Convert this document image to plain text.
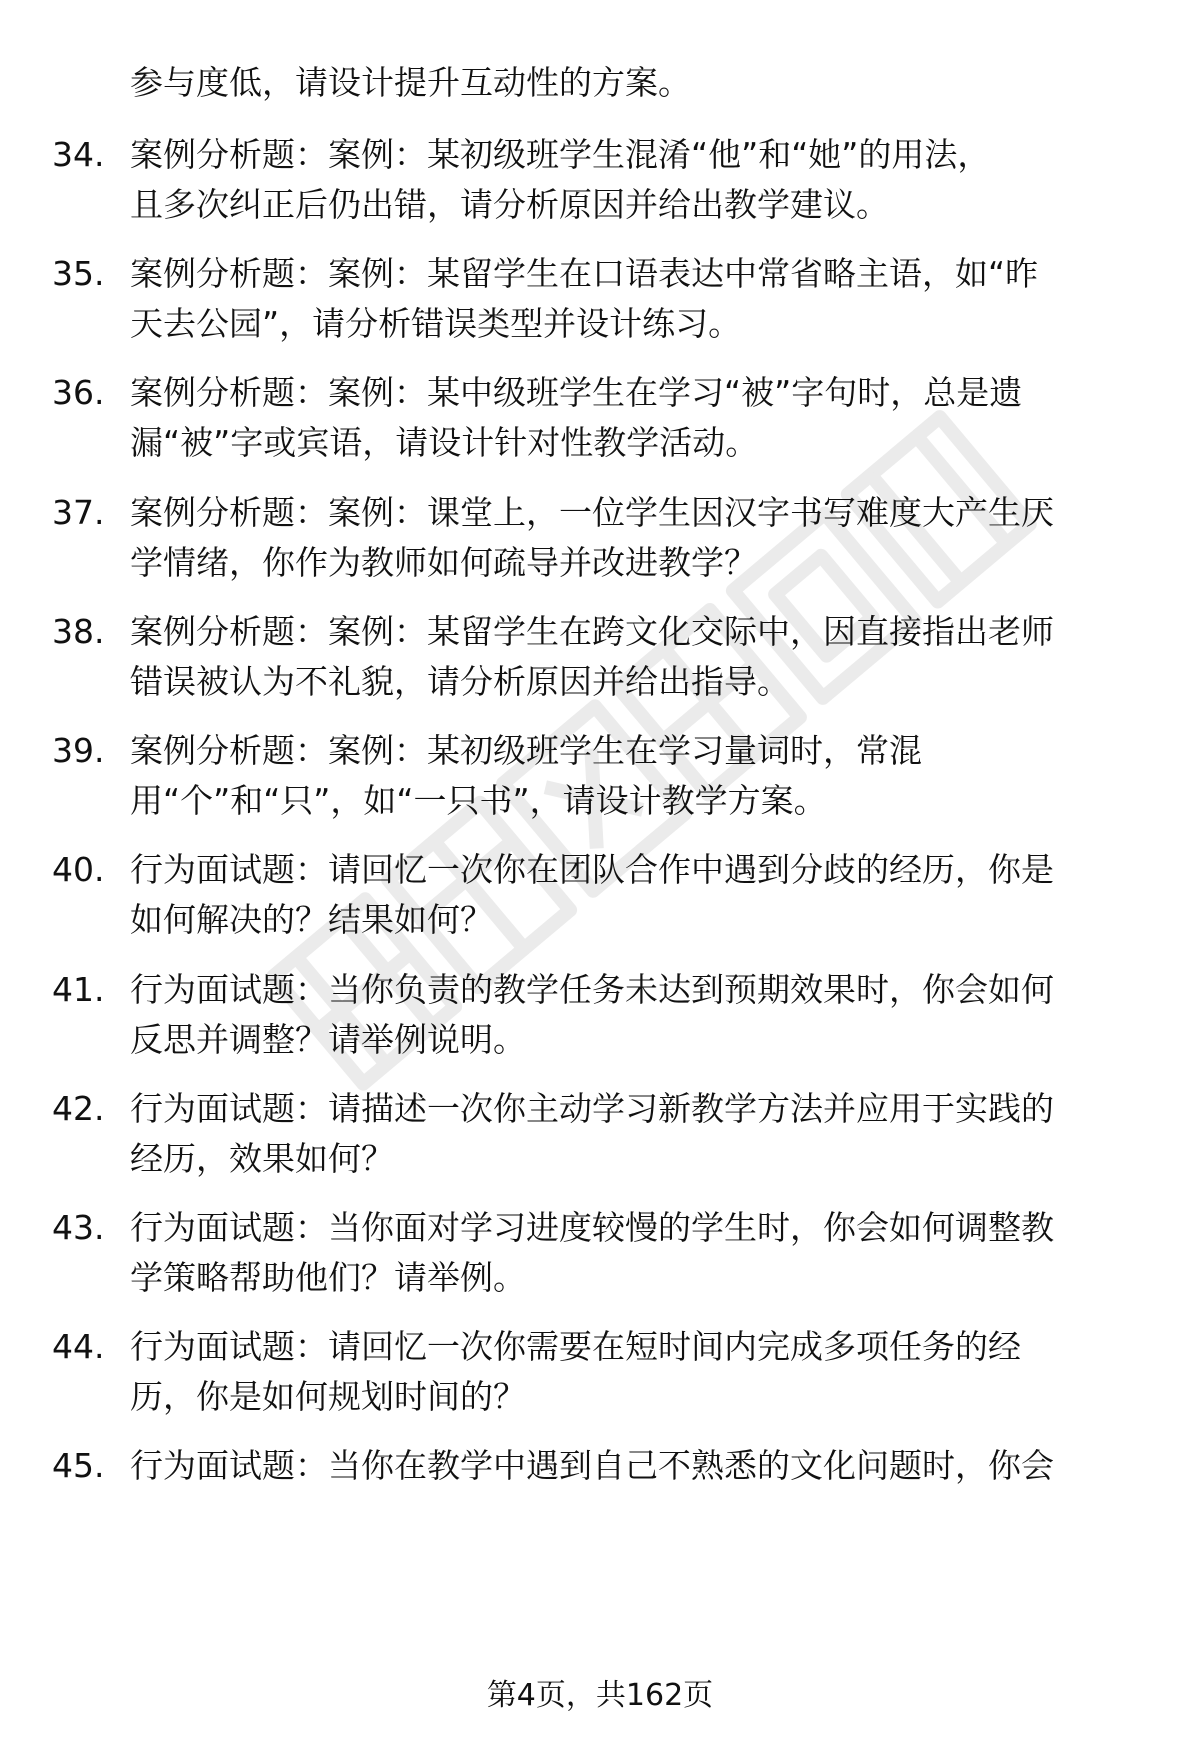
参与度低，请设计提升互动性的方案。
34. 案例分析题：案例：某初级班学生混淆“他”和“她”的用法，
且多次纠正后仍出错，请分析原因并给出教学建议。
35. 案例分析题：案例：某留学生在口语表达中常省略主语，如“昨
天去公园”，请分析错误类型并设计练习。
36. 案例分析题：案例：某中级班学生在学习“被”字句时，总是遗
漏“被”字或宾语，请设计针对性教学活动。
37. 案例分析题：案例：课堂上，一位学生因汉字书写难度大产生厌
学情绪，你作为教师如何疏导并改进教学？
38. 案例分析题：案例：某留学生在跨文化交际中，因直接指出老师
错误被认为不礼貌，请分析原因并给出指导。
39. 案例分析题：案例：某初级班学生在学习量词时，常混
用“个”和“只”，如“一只书”，请设计教学方案。
40. 行为面试题：请回忆一次你在团队合作中遇到分歧的经历，你是
如何解决的？结果如何？
41. 行为面试题：当你负责的教学任务未达到预期效果时，你会如何
反思并调整？请举例说明。
42. 行为面试题：请描述一次你主动学习新教学方法并应用于实践的
经历，效果如何？
43. 行为面试题：当你面对学习进度较慢的学生时，你会如何调整教
学策略帮助他们？请举例。
44. 行为面试题：请回忆一次你需要在短时间内完成多项任务的经
历，你是如何规划时间的？
45. 行为面试题：当你在教学中遇到自己不熟悉的文化问题时，你会
第4页，共162页
